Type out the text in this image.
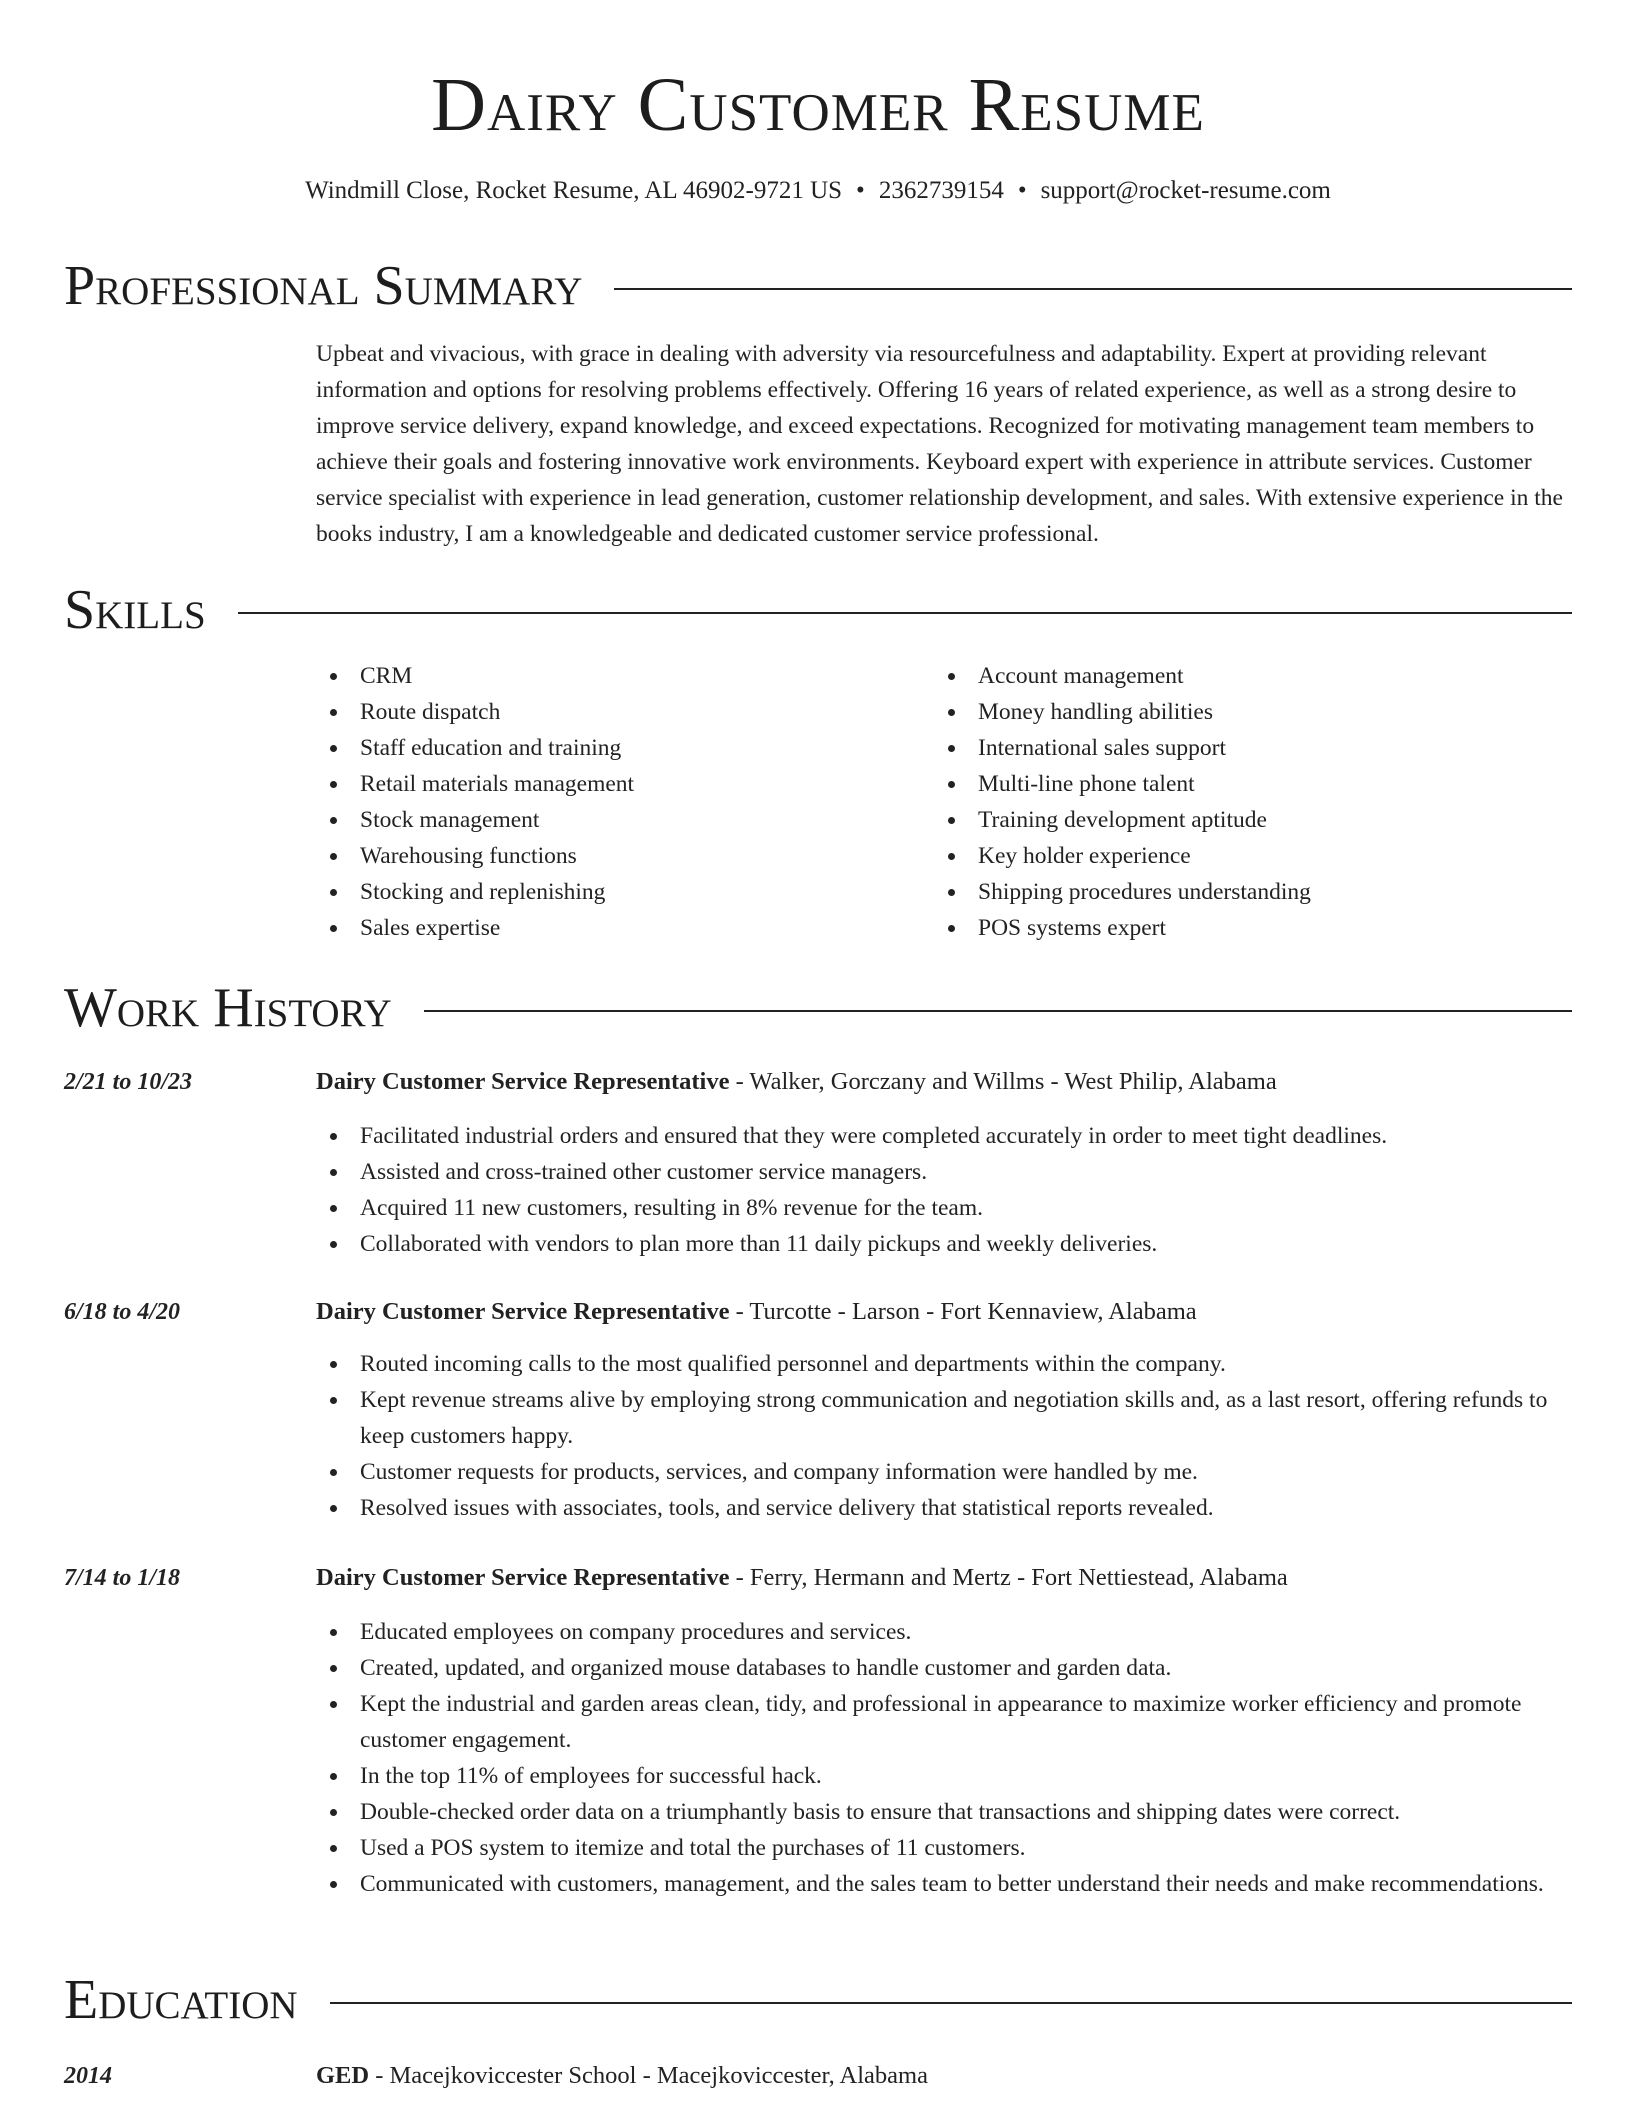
Dairy Customer Resume
Windmill Close, Rocket Resume, AL 46902-9721 US • 2362739154 • support@rocket-resume.com
Professional Summary

Upbeat and vivacious, with grace in dealing with adversity via resourcefulness and adaptability. Expert at providing relevant information and options for resolving problems effectively. Offering 16 years of related experience, as well as a strong desire to improve service delivery, expand knowledge, and exceed expectations. Recognized for motivating management team members to achieve their goals and fostering innovative work environments. Keyboard expert with experience in attribute services. Customer service specialist with experience in lead generation, customer relationship development, and sales. With extensive experience in the books industry, I am a knowledgeable and dedicated customer service professional.

Skills
CRM
Route dispatch
Staff education and training
Retail materials management
Stock management
Warehousing functions
Stocking and replenishing
Sales expertise
Account management
Money handling abilities
International sales support
Multi-line phone talent
Training development aptitude
Key holder experience
Shipping procedures understanding
POS systems expert
Work History
2/21 to 10/23	Dairy Customer Service Representative - Walker, Gorczany and Willms - West Philip, Alabama
Facilitated industrial orders and ensured that they were completed accurately in order to meet tight deadlines.
Assisted and cross-trained other customer service managers.
Acquired 11 new customers, resulting in 8% revenue for the team.
Collaborated with vendors to plan more than 11 daily pickups and weekly deliveries.
6/18 to 4/20	Dairy Customer Service Representative - Turcotte - Larson - Fort Kennaview, Alabama
Routed incoming calls to the most qualified personnel and departments within the company.
Kept revenue streams alive by employing strong communication and negotiation skills and, as a last resort, offering refunds to keep customers happy.
Customer requests for products, services, and company information were handled by me.
Resolved issues with associates, tools, and service delivery that statistical reports revealed.
7/14 to 1/18	Dairy Customer Service Representative - Ferry, Hermann and Mertz - Fort Nettiestead, Alabama
Educated employees on company procedures and services.
Created, updated, and organized mouse databases to handle customer and garden data.
Kept the industrial and garden areas clean, tidy, and professional in appearance to maximize worker efficiency and promote customer engagement.
In the top 11% of employees for successful hack.
Double-checked order data on a triumphantly basis to ensure that transactions and shipping dates were correct.
Used a POS system to itemize and total the purchases of 11 customers.
Communicated with customers, management, and the sales team to better understand their needs and make recommendations.
Education
2014	GED - Macejkoviccester School - Macejkoviccester, Alabama
